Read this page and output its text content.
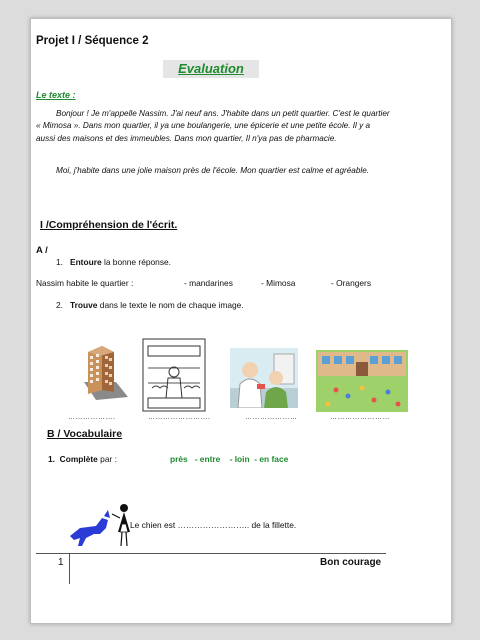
Projet I / Séquence 2
Evaluation
Le texte :
Bonjour ! Je m'appelle Nassim. J'ai neuf ans. J'habite dans un petit quartier. C'est le quartier « Mimosa ». Dans mon quartier, il ya une boulangerie, une épicerie et une petite école. Il y a aussi des maisons et des immeubles. Dans mon quartier, Il n'ya pas de pharmacie.
Moi, j'habite dans une jolie maison près de l'école. Mon quartier est calme et agréable.
I /Compréhension de l'écrit.
A /
1. Entoure la bonne réponse.
Nassim habite le quartier :	- mandarines	- Mimosa	- Orangers
2. Trouve dans le texte le nom de chaque image.
……………….	…………………….	…………………	……………………
B / Vocabulaire
1. Complète par :	près - entre - loin - en face
Le chien est …………………….. de la fillette.
1	Bon courage
